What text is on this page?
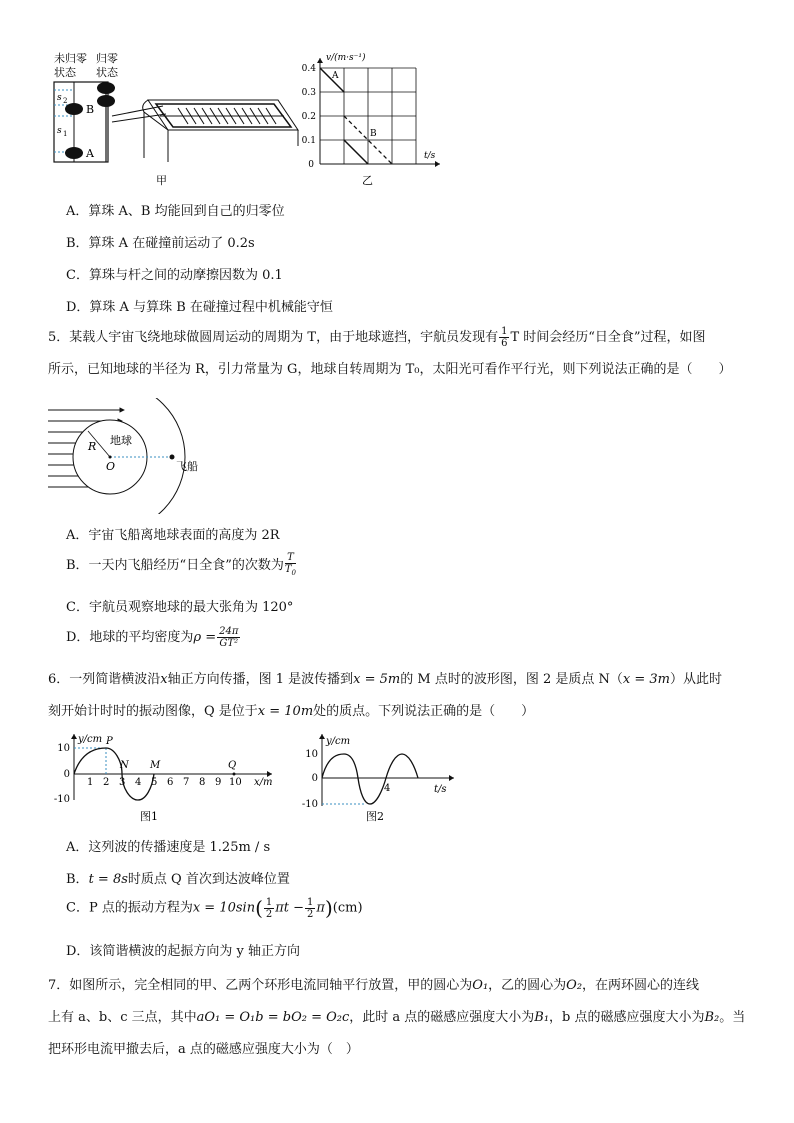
未归零
状态
归零
状态
s 2
s 1
B
A
甲
v/(m·s⁻¹)
0.4
0.3
0.2
0.1
0
t/s
A
B
乙
A．算珠 A、B 均能回到自己的归零位
B．算珠 A 在碰撞前运动了 0.2s
C．算珠与杆之间的动摩擦因数为 0.1
D．算珠 A 与算珠 B 在碰撞过程中机械能守恒

5．某载人宇宙飞绕地球做圆周运动的周期为 T，由于地球遮挡，宇航员发现有 $\frac{1}{6}$ T 时间会经历“日全食”过程，如图

所示，已知地球的半径为 R，引力常量为 G，地球自转周期为 T₀，太阳光可看作平行光，则下列说法正确的是（　　）

地球
R
O	飞船
A．宇宙飞船离地球表面的高度为 2R
B．一天内飞船经历“日全食”的次数为 $\frac{T}{T_0}$
C．宇航员观察地球的最大张角为 120°
D．地球的平均密度为$\rho = \frac{24\pi}{\text{GT²}}$

6．一列简谐横波沿x轴正方向传播，图 1 是波传播到x = 5m的 M 点时的波形图，图 2 是质点 N（x = 3m）从此时

刻开始计时时的振动图像，Q 是位于x = 10m处的质点。下列说法正确的是（　　）

y/cm
10
0
-10
1 2 3 4 5 6 7 8 9 10 x/m
P
N M	Q
图1
y/cm
10
0
-10
4	t/s
图2
A．这列波的传播速度是 1.25m / s
B．t = 8s时质点 Q 首次到达波峰位置
C．P 点的振动方程为$x = 10\sin( \frac{1}{2}$ $\pi t - \frac{1}{2} \pi)(cm)$
D．该简谐横波的起振方向为 y 轴正方向

7．如图所示，完全相同的甲、乙两个环形电流同轴平行放置，甲的圆心为O₁，乙的圆心为O₂，在两环圆心的连线

上有 a、b、c 三点，其中aO₁ = O₁b = bO₂ = O₂c，此时 a 点的磁感应强度大小为B₁，b 点的磁感应强度大小为B₂。当

把环形电流甲撤去后，a 点的磁感应强度大小为（　）
